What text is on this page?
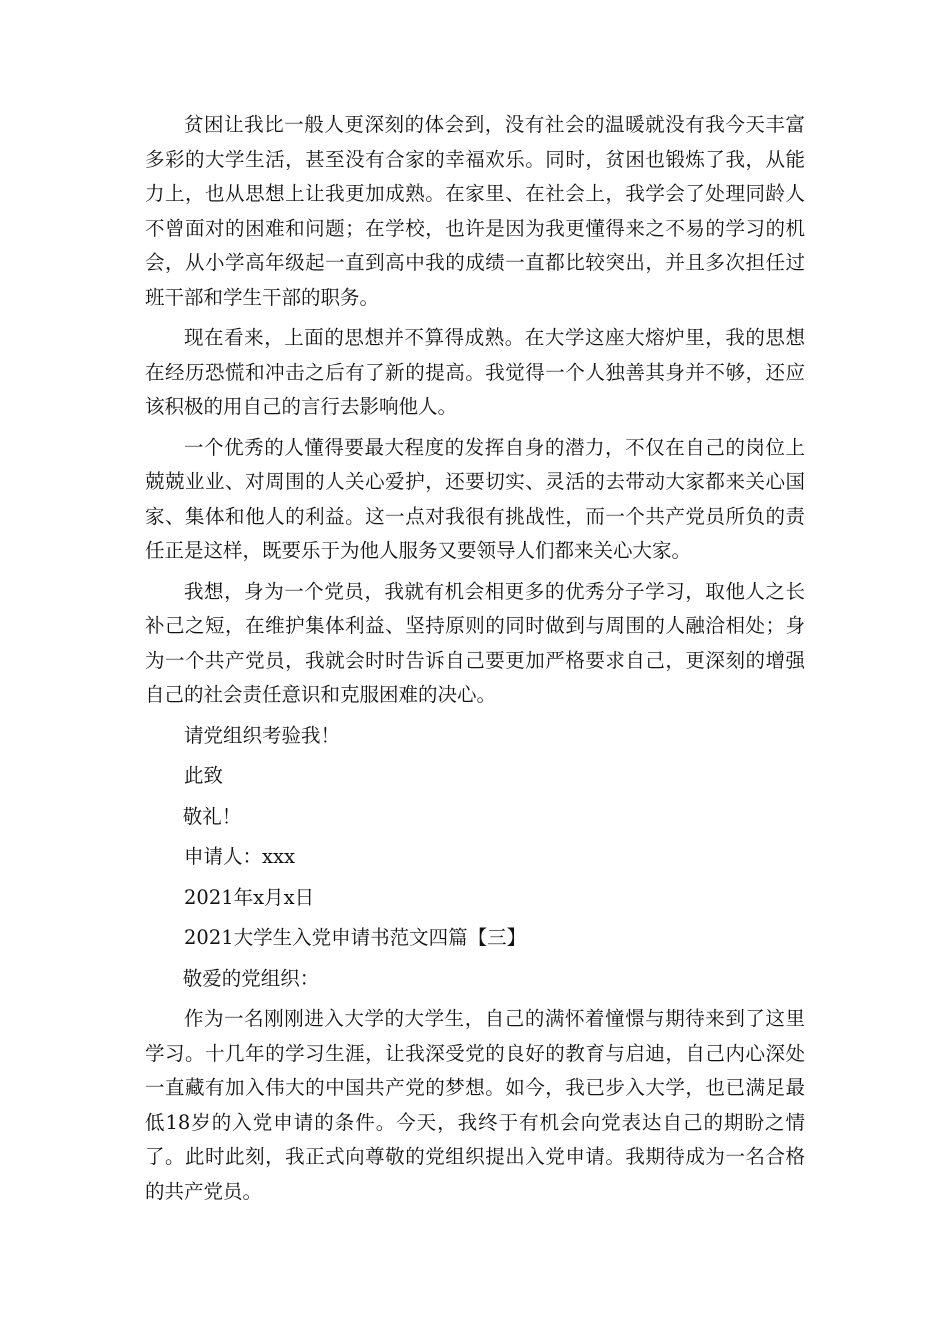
贫困让我比一般人更深刻的体会到，没有社会的温暖就没有我今天丰富多彩的大学生活，甚至没有合家的幸福欢乐。同时，贫困也锻炼了我，从能力上，也从思想上让我更加成熟。在家里、在社会上，我学会了处理同龄人不曾面对的困难和问题；在学校，也许是因为我更懂得来之不易的学习的机会，从小学高年级起一直到高中我的成绩一直都比较突出，并且多次担任过班干部和学生干部的职务。

现在看来，上面的思想并不算得成熟。在大学这座大熔炉里，我的思想在经历恐慌和冲击之后有了新的提高。我觉得一个人独善其身并不够，还应该积极的用自己的言行去影响他人。

一个优秀的人懂得要最大程度的发挥自身的潜力，不仅在自己的岗位上兢兢业业、对周围的人关心爱护，还要切实、灵活的去带动大家都来关心国家、集体和他人的利益。这一点对我很有挑战性，而一个共产党员所负的责任正是这样，既要乐于为他人服务又要领导人们都来关心大家。

我想，身为一个党员，我就有机会相更多的优秀分子学习，取他人之长补己之短，在维护集体利益、坚持原则的同时做到与周围的人融洽相处；身为一个共产党员，我就会时时告诉自己要更加严格要求自己，更深刻的增强自己的社会责任意识和克服困难的决心。

请党组织考验我！

此致

敬礼！

申请人：xxx

2021年x月x日

2021大学生入党申请书范文四篇【三】

敬爱的党组织：

作为一名刚刚进入大学的大学生，自己的满怀着憧憬与期待来到了这里学习。十几年的学习生涯，让我深受党的良好的教育与启迪，自己内心深处一直藏有加入伟大的中国共产党的梦想。如今，我已步入大学，也已满足最低18岁的入党申请的条件。今天，我终于有机会向党表达自己的期盼之情了。此时此刻，我正式向尊敬的党组织提出入党申请。我期待成为一名合格的共产党员。
